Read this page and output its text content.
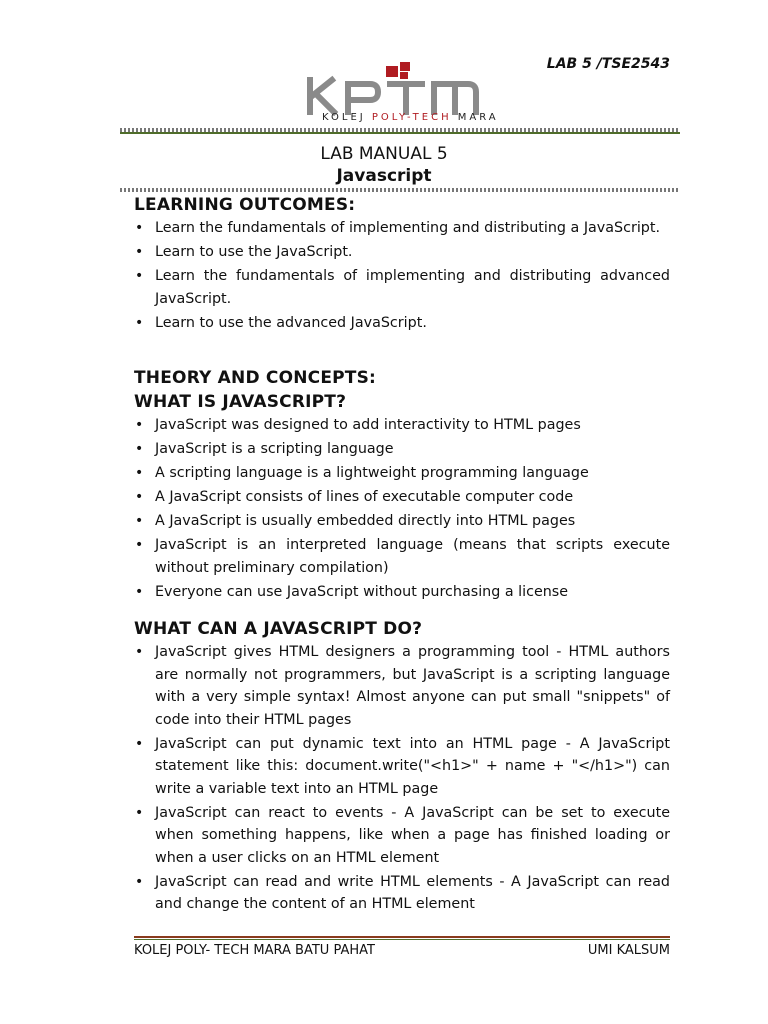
LAB 5 /TSE2543
KOLEJ POLY-TECH MARA
LAB MANUAL 5
Javascript
LEARNING OUTCOMES:
• Learn the fundamentals of implementing and distributing a JavaScript.
• Learn to use the JavaScript.
• Learn the fundamentals of implementing and distributing advanced JavaScript.
• Learn to use the advanced JavaScript.
THEORY AND CONCEPTS:
WHAT IS JAVASCRIPT?
• JavaScript was designed to add interactivity to HTML pages
• JavaScript is a scripting language
• A scripting language is a lightweight programming language
• A JavaScript consists of lines of executable computer code
• A JavaScript is usually embedded directly into HTML pages
• JavaScript is an interpreted language (means that scripts execute without preliminary compilation)
• Everyone can use JavaScript without purchasing a license
WHAT CAN A JAVASCRIPT DO?
• JavaScript gives HTML designers a programming tool - HTML authors are normally not programmers, but JavaScript is a scripting language with a very simple syntax! Almost anyone can put small "snippets" of code into their HTML pages
• JavaScript can put dynamic text into an HTML page - A JavaScript statement like this: document.write("<h1>" + name + "</h1>") can write a variable text into an HTML page
• JavaScript can react to events - A JavaScript can be set to execute when something happens, like when a page has finished loading or when a user clicks on an HTML element
• JavaScript can read and write HTML elements - A JavaScript can read and change the content of an HTML element
KOLEJ POLY- TECH MARA BATU PAHAT	UMI KALSUM
